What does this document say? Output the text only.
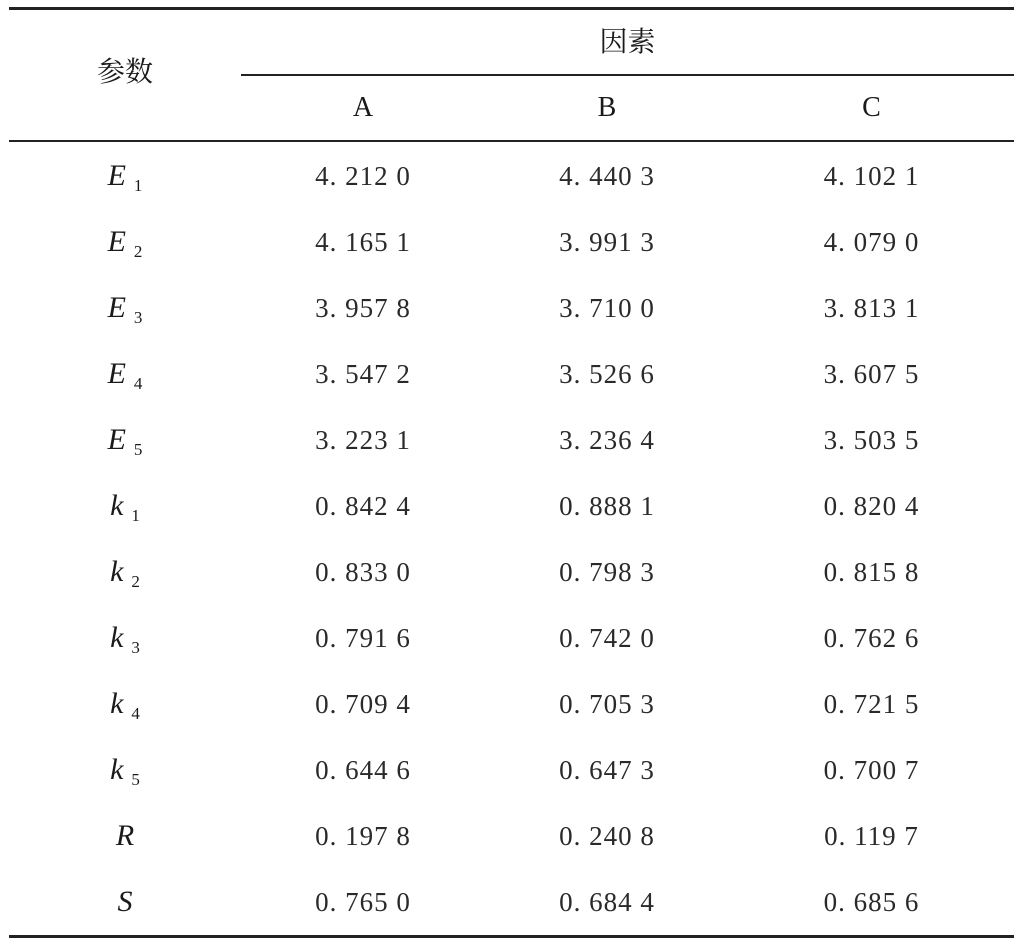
参数
因素
A	B	C
E $_1$	4. 212 0	4. 440 3	4. 102 1
E $_2$	4. 165 1	3. 991 3	4. 079 0
E $_3$	3. 957 8	3. 710 0	3. 813 1
E $_4$	3. 547 2	3. 526 6	3. 607 5
E $_5$	3. 223 1	3. 236 4	3. 503 5
k $_1$	0. 842 4	0. 888 1	0. 820 4
k $_2$	0. 833 0	0. 798 3	0. 815 8
k $_3$	0. 791 6	0. 742 0	0. 762 6
k $_4$	0. 709 4	0. 705 3	0. 721 5
k $_5$	0. 644 6	0. 647 3	0. 700 7
R	0. 197 8	0. 240 8	0. 119 7
S	0. 765 0	0. 684 4	0. 685 6
